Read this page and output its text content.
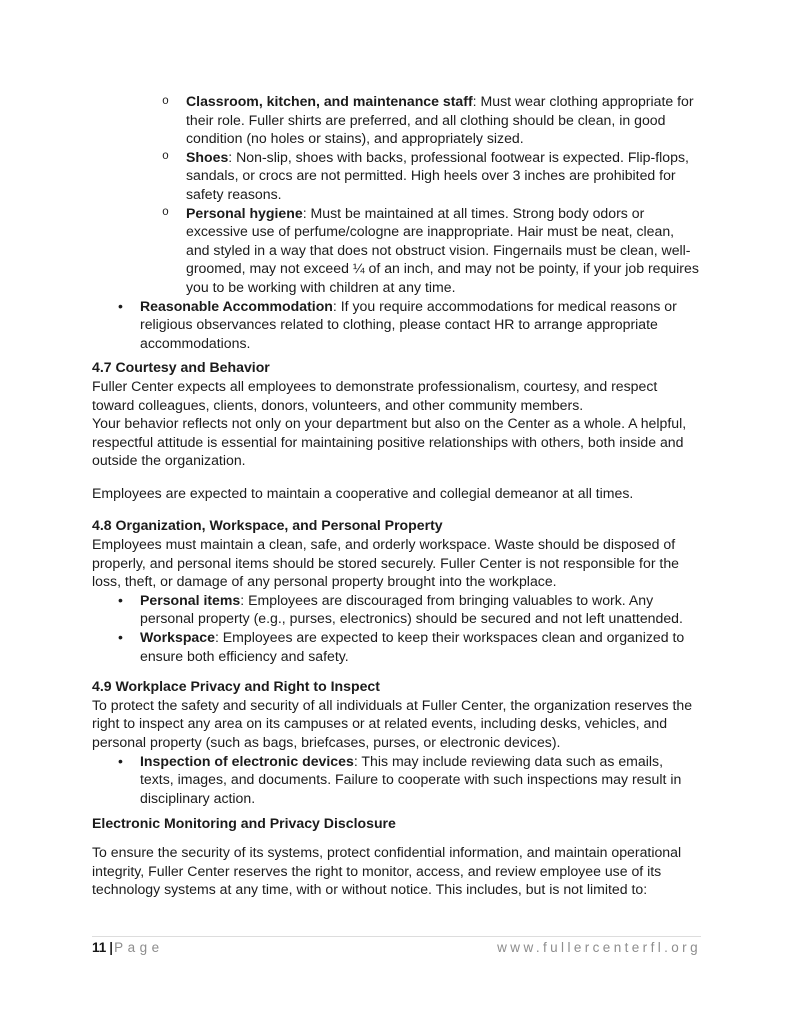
o Classroom, kitchen, and maintenance staff: Must wear clothing appropriate for their role. Fuller shirts are preferred, and all clothing should be clean, in good condition (no holes or stains), and appropriately sized.
o Shoes: Non-slip, shoes with backs, professional footwear is expected. Flip-flops, sandals, or crocs are not permitted. High heels over 3 inches are prohibited for safety reasons.
o Personal hygiene: Must be maintained at all times. Strong body odors or excessive use of perfume/cologne are inappropriate. Hair must be neat, clean, and styled in a way that does not obstruct vision. Fingernails must be clean, well-groomed, may not exceed ¼ of an inch, and may not be pointy, if your job requires you to be working with children at any time.
• Reasonable Accommodation: If you require accommodations for medical reasons or religious observances related to clothing, please contact HR to arrange appropriate accommodations.
4.7 Courtesy and Behavior

Fuller Center expects all employees to demonstrate professionalism, courtesy, and respect toward colleagues, clients, donors, volunteers, and other community members.

Your behavior reflects not only on your department but also on the Center as a whole. A helpful, respectful attitude is essential for maintaining positive relationships with others, both inside and outside the organization.

Employees are expected to maintain a cooperative and collegial demeanor at all times.

4.8 Organization, Workspace, and Personal Property

Employees must maintain a clean, safe, and orderly workspace. Waste should be disposed of properly, and personal items should be stored securely. Fuller Center is not responsible for the loss, theft, or damage of any personal property brought into the workplace.

• Personal items: Employees are discouraged from bringing valuables to work. Any personal property (e.g., purses, electronics) should be secured and not left unattended.
• Workspace: Employees are expected to keep their workspaces clean and organized to ensure both efficiency and safety.
4.9 Workplace Privacy and Right to Inspect

To protect the safety and security of all individuals at Fuller Center, the organization reserves the right to inspect any area on its campuses or at related events, including desks, vehicles, and personal property (such as bags, briefcases, purses, or electronic devices).

• Inspection of electronic devices: This may include reviewing data such as emails, texts, images, and documents. Failure to cooperate with such inspections may result in disciplinary action.
Electronic Monitoring and Privacy Disclosure

To ensure the security of its systems, protect confidential information, and maintain operational integrity, Fuller Center reserves the right to monitor, access, and review employee use of its technology systems at any time, with or without notice. This includes, but is not limited to:

11 |Page	www.fullercenterfl.org
